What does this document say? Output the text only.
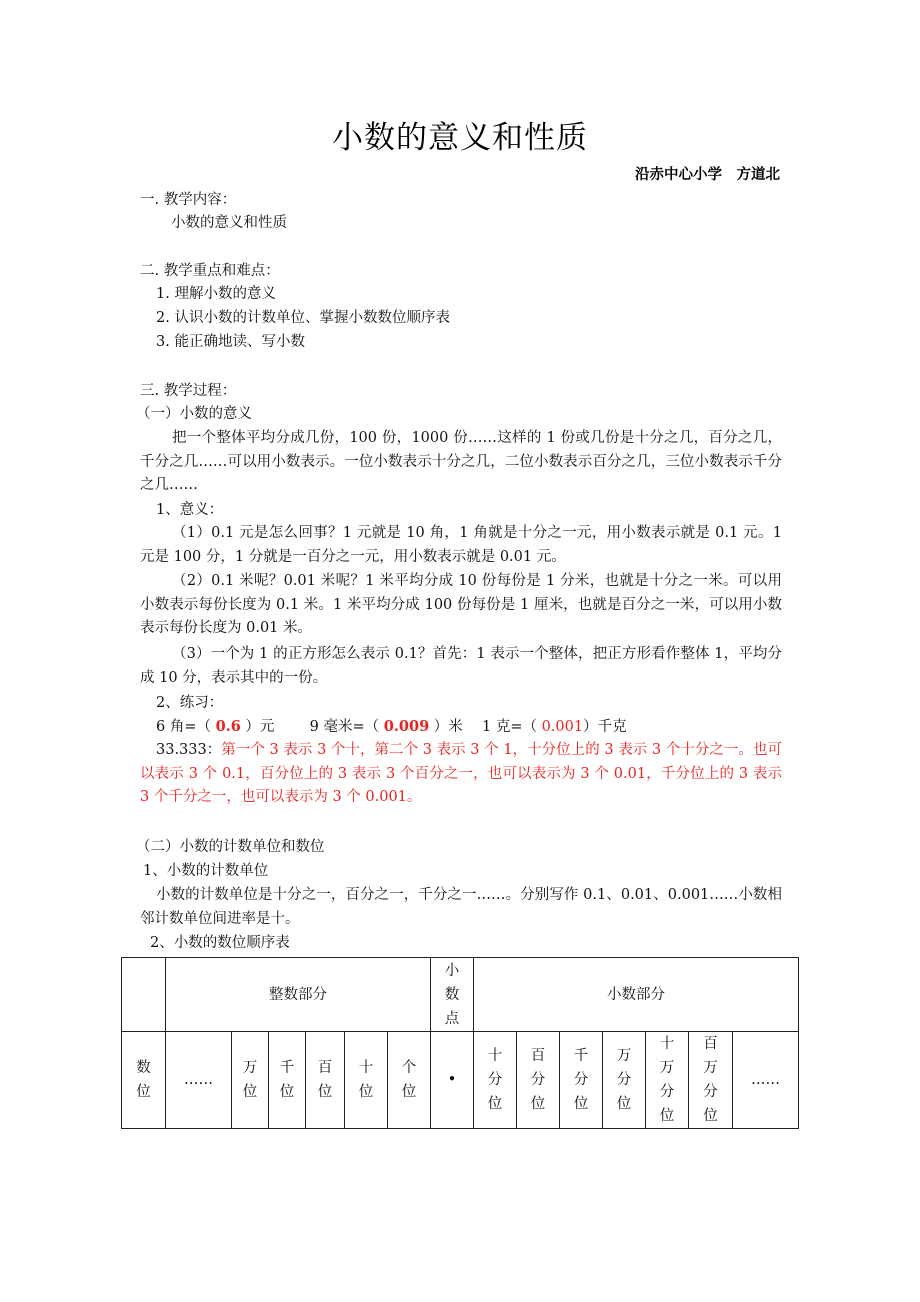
小数的意义和性质
沿赤中心小学　方道北
一. 教学内容：
小数的意义和性质
二. 教学重点和难点：
1. 理解小数的意义
2. 认识小数的计数单位、掌握小数数位顺序表
3. 能正确地读、写小数
三. 教学过程：
（一）小数的意义
把一个整体平均分成几份，100 份，1000 份……这样的 1 份或几份是十分之几，百分之几，千分之几……可以用小数表示。一位小数表示十分之几，二位小数表示百分之几，三位小数表示千分之几……
1、意义：
（1）0.1 元是怎么回事？1 元就是 10 角，1 角就是十分之一元，用小数表示就是 0.1 元。1 元是 100 分，1 分就是一百分之一元，用小数表示就是 0.01 元。
（2）0.1 米呢？0.01 米呢？1 米平均分成 10 份每份是 1 分米，也就是十分之一米。可以用小数表示每份长度为 0.1 米。1 米平均分成 100 份每份是 1 厘米，也就是百分之一米，可以用小数表示每份长度为 0.01 米。
（3）一个为 1 的正方形怎么表示 0.1？首先：1 表示一个整体，把正方形看作整体 1，平均分成 10 分，表示其中的一份。
2、练习：
6 角=（ 0.6 ）元 9 毫米=（ 0.009 ）米 1 克=（ 0.001）千克
33.333：第一个 3 表示 3 个十，第二个 3 表示 3 个 1，十分位上的 3 表示 3 个十分之一。也可以表示 3 个 0.1，百分位上的 3 表示 3 个百分之一，也可以表示为 3 个 0.01，千分位上的 3 表示 3 个千分之一，也可以表示为 3 个 0.001。
（二）小数的计数单位和数位
1、小数的计数单位
小数的计数单位是十分之一，百分之一，千分之一……。分别写作 0.1、0.01、0.001……小数相邻计数单位间进率是十。
2、小数的数位顺序表
	整数部分						小
数
点	小数部分						

数
位	……	万
位	千
位	百
位	十
位	个
位	•	十
分
位	百
分
位	千
分
位	万
分
位	十
万
分
位	百
万
分
位	……
